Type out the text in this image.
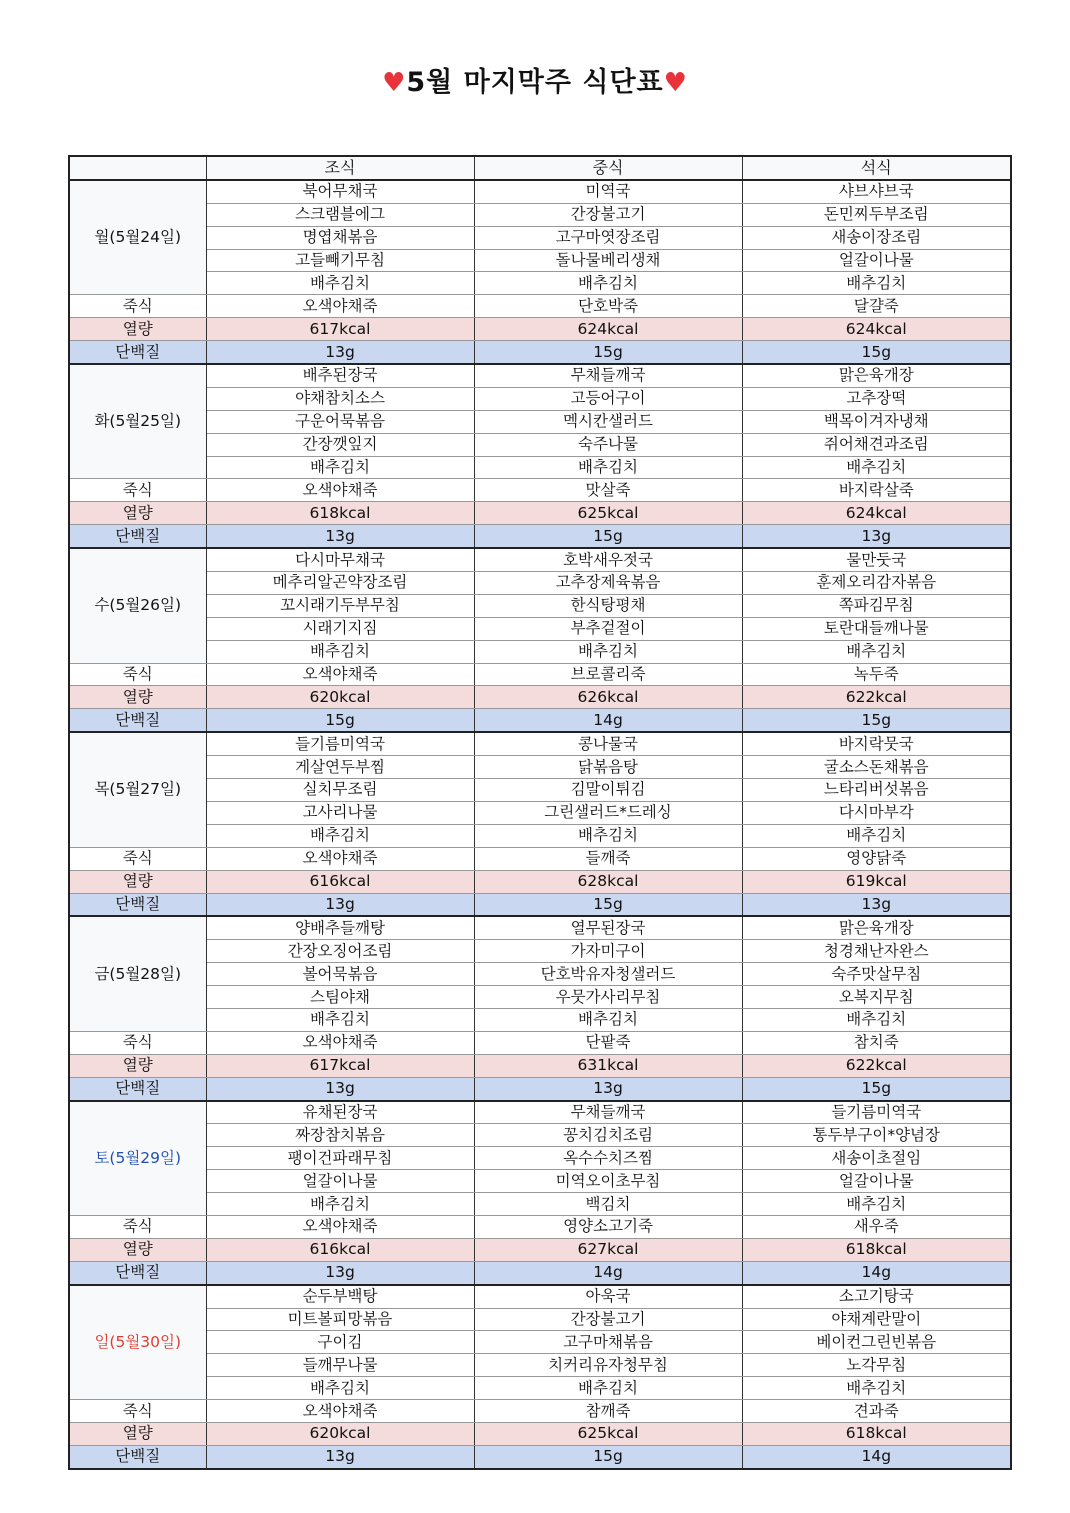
♥5월 마지막주 식단표♥
	조식	중식	석식
월(5월24일)	북어무채국	미역국	샤브샤브국
	스크램블에그	간장불고기	돈민찌두부조림
	명엽채볶음	고구마엿장조림	새송이장조림
	고들빼기무침	돌나물베리생채	얼갈이나물
	배추김치	배추김치	배추김치
죽식	오색야채죽	단호박죽	달걀죽
열량	617kcal	624kcal	624kcal
단백질	13g	15g	15g
화(5월25일)	배추된장국	무채들깨국	맑은육개장
	야채참치소스	고등어구이	고추장떡
	구운어묵볶음	멕시칸샐러드	백목이겨자냉채
	간장깻잎지	숙주나물	쥐어채견과조림
	배추김치	배추김치	배추김치
죽식	오색야채죽	맛살죽	바지락살죽
열량	618kcal	625kcal	624kcal
단백질	13g	15g	13g
수(5월26일)	다시마무채국	호박새우젓국	물만둣국
	메추리알곤약장조림	고추장제육볶음	훈제오리감자볶음
	꼬시래기두부무침	한식탕평채	쪽파김무침
	시래기지짐	부추겉절이	토란대들깨나물
	배추김치	배추김치	배추김치
죽식	오색야채죽	브로콜리죽	녹두죽
열량	620kcal	626kcal	622kcal
단백질	15g	14g	15g
목(5월27일)	들기름미역국	콩나물국	바지락뭇국
	게살연두부찜	닭볶음탕	굴소스돈채볶음
	실치무조림	김말이튀김	느타리버섯볶음
	고사리나물	그린샐러드*드레싱	다시마부각
	배추김치	배추김치	배추김치
죽식	오색야채죽	들깨죽	영양닭죽
열량	616kcal	628kcal	619kcal
단백질	13g	15g	13g
금(5월28일)	양배추들깨탕	열무된장국	맑은육개장
	간장오징어조림	가자미구이	청경채난자완스
	볼어묵볶음	단호박유자청샐러드	숙주맛살무침
	스팀야채	우뭇가사리무침	오복지무침
	배추김치	배추김치	배추김치
죽식	오색야채죽	단팥죽	참치죽
열량	617kcal	631kcal	622kcal
단백질	13g	13g	15g
토(5월29일)	유채된장국	무채들깨국	들기름미역국
	짜장참치볶음	꽁치김치조림	통두부구이*양념장
	팽이건파래무침	옥수수치즈찜	새송이초절임
	얼갈이나물	미역오이초무침	얼갈이나물
	배추김치	백김치	배추김치
죽식	오색야채죽	영양소고기죽	새우죽
열량	616kcal	627kcal	618kcal
단백질	13g	14g	14g
일(5월30일)	순두부백탕	아욱국	소고기탕국
	미트볼피망볶음	간장불고기	야채계란말이
	구이김	고구마채볶음	베이컨그린빈볶음
	들깨무나물	치커리유자청무침	노각무침
	배추김치	배추김치	배추김치
죽식	오색야채죽	참깨죽	견과죽
열량	620kcal	625kcal	618kcal
단백질	13g	15g	14g
